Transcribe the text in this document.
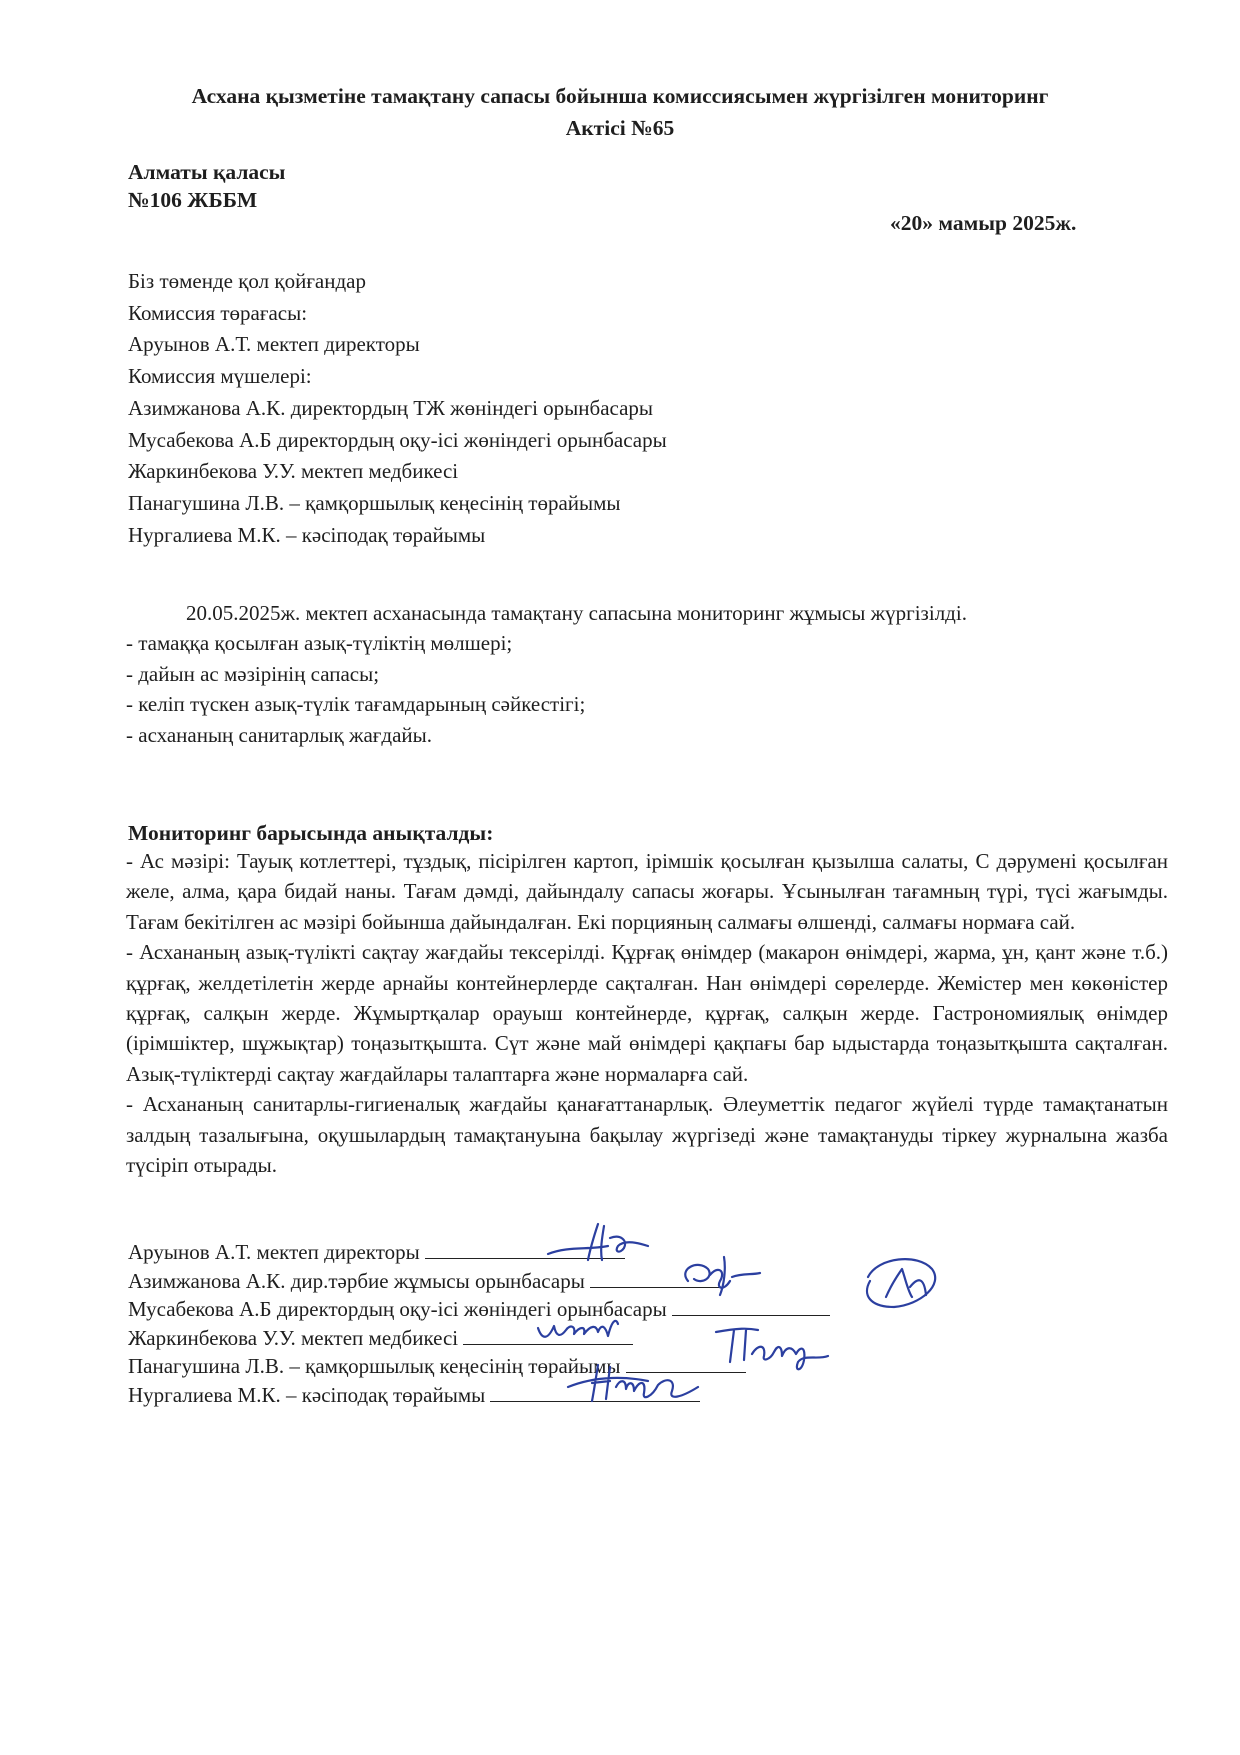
Асхана қызметіне тамақтану сапасы бойынша комиссиясымен жүргізілген мониторинг
Актісі №65

Алматы қаласы

№106 ЖББМ

«20» мамыр 2025ж.

Біз төменде қол қойғандар
Комиссия төрағасы:
Аруынов А.Т. мектеп директоры
Комиссия мүшелері:
Азимжанова А.К. директордың ТЖ жөніндегі орынбасары
Мусабекова А.Б директордың оқу-ісі жөніндегі орынбасары
Жаркинбекова У.У. мектеп медбикесі
Панагушина Л.В. – қамқоршылық кеңесінің төрайымы
Нургалиева М.К. – кәсіподақ төрайымы

20.05.2025ж. мектеп асханасында тамақтану сапасына мониторинг жұмысы жүргізілді.

- тамаққа қосылған азық-түліктің мөлшері;
- дайын ас мәзірінің сапасы;
- келіп түскен азық-түлік тағамдарының сәйкестігі;
- асхананың санитарлық жағдайы.

Мониторинг барысында анықталды:

- Ас мәзірі: Тауық котлеттері, тұздық, пісірілген картоп, ірімшік қосылған қызылша салаты, С дәрумені қосылған желе, алма, қара бидай наны. Тағам дәмді, дайындалу сапасы жоғары. Ұсынылған тағамның түрі, түсі жағымды. Тағам бекітілген ас мәзірі бойынша дайындалған. Екі порцияның салмағы өлшенді, салмағы нормаға сай.

- Асхананың азық-түлікті сақтау жағдайы тексерілді. Құрғақ өнімдер (макарон өнімдері, жарма, ұн, қант және т.б.) құрғақ, желдетілетін жерде арнайы контейнерлерде сақталған. Нан өнімдері сөрелерде. Жемістер мен көкөністер құрғақ, салқын жерде. Жұмыртқалар орауыш контейнерде, құрғақ, салқын жерде. Гастрономиялық өнімдер (ірімшіктер, шұжықтар) тоңазытқышта. Сүт және май өнімдері қақпағы бар ыдыстарда тоңазытқышта сақталған. Азық-түліктерді сақтау жағдайлары талаптарға және нормаларға сай.

- Асхананың санитарлы-гигиеналық жағдайы қанағаттанарлық. Әлеуметтік педагог жүйелі түрде тамақтанатын залдың тазалығына, оқушылардың тамақтануына бақылау жүргізеді және тамақтануды тіркеу журналына жазба түсіріп отырады.

Аруынов А.Т. мектеп директоры
Азимжанова А.К. дир.тәрбие жұмысы орынбасары
Мусабекова А.Б директордың оқу-ісі жөніндегі орынбасары
Жаркинбекова У.У. мектеп медбикесі
Панагушина Л.В. – қамқоршылық кеңесінің төрайымы
Нургалиева М.К. – кәсіподақ төрайымы
